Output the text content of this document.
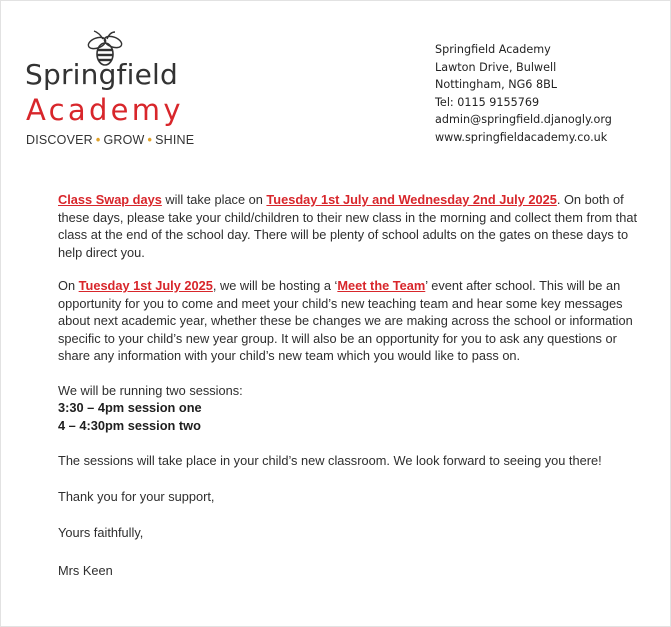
Springfield
Academy
DISCOVER • GROW • SHINE
Springfield Academy
Lawton Drive, Bulwell
Nottingham, NG6 8BL
Tel: 0115 9155769
admin@springfield.djanogly.org
www.springfieldacademy.co.uk

Class Swap days will take place on Tuesday 1st July and Wednesday 2nd July 2025. On both of these days, please take your child/children to their new class in the morning and collect them from that class at the end of the school day. There will be plenty of school adults on the gates on these days to help direct you.

On Tuesday 1st July 2025, we will be hosting a ‘Meet the Team’ event after school. This will be an opportunity for you to come and meet your child’s new teaching team and hear some key messages about next academic year, whether these be changes we are making across the school or information specific to your child’s new year group. It will also be an opportunity for you to ask any questions or share any information with your child’s new team which you would like to pass on.

We will be running two sessions:
3:30 – 4pm session one
4 – 4:30pm session two

The sessions will take place in your child’s new classroom. We look forward to seeing you there!

Thank you for your support,

Yours faithfully,

Mrs Keen
